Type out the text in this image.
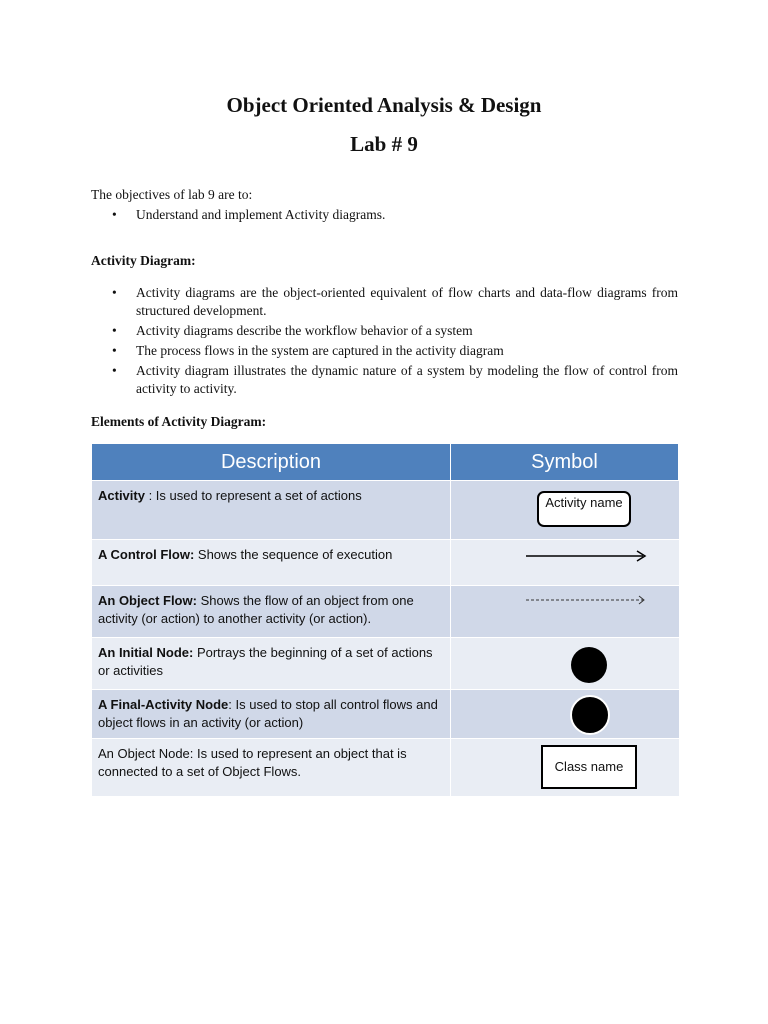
Object Oriented Analysis & Design
Lab # 9
The objectives of lab 9 are to:
• Understand and implement Activity diagrams.
Activity Diagram:
• Activity diagrams are the object-oriented equivalent of flow charts and data-flow diagrams from structured development.
• Activity diagrams describe the workflow behavior of a system
• The process flows in the system are captured in the activity diagram
• Activity diagram illustrates the dynamic nature of a system by modeling the flow of control from activity to activity.
Elements of Activity Diagram:
Description	Symbol
Activity : Is used to represent a set of actions	Activity name

A Control Flow: Shows the sequence of execution	

An Object Flow: Shows the flow of an object from one activity (or action) to another activity (or action).	

An Initial Node: Portrays the beginning of a set of actions or activities	

A Final-Activity Node: Is used to stop all control flows and object flows in an activity (or action)	

An Object Node: Is used to represent an object that is connected to a set of Object Flows.	Class name
